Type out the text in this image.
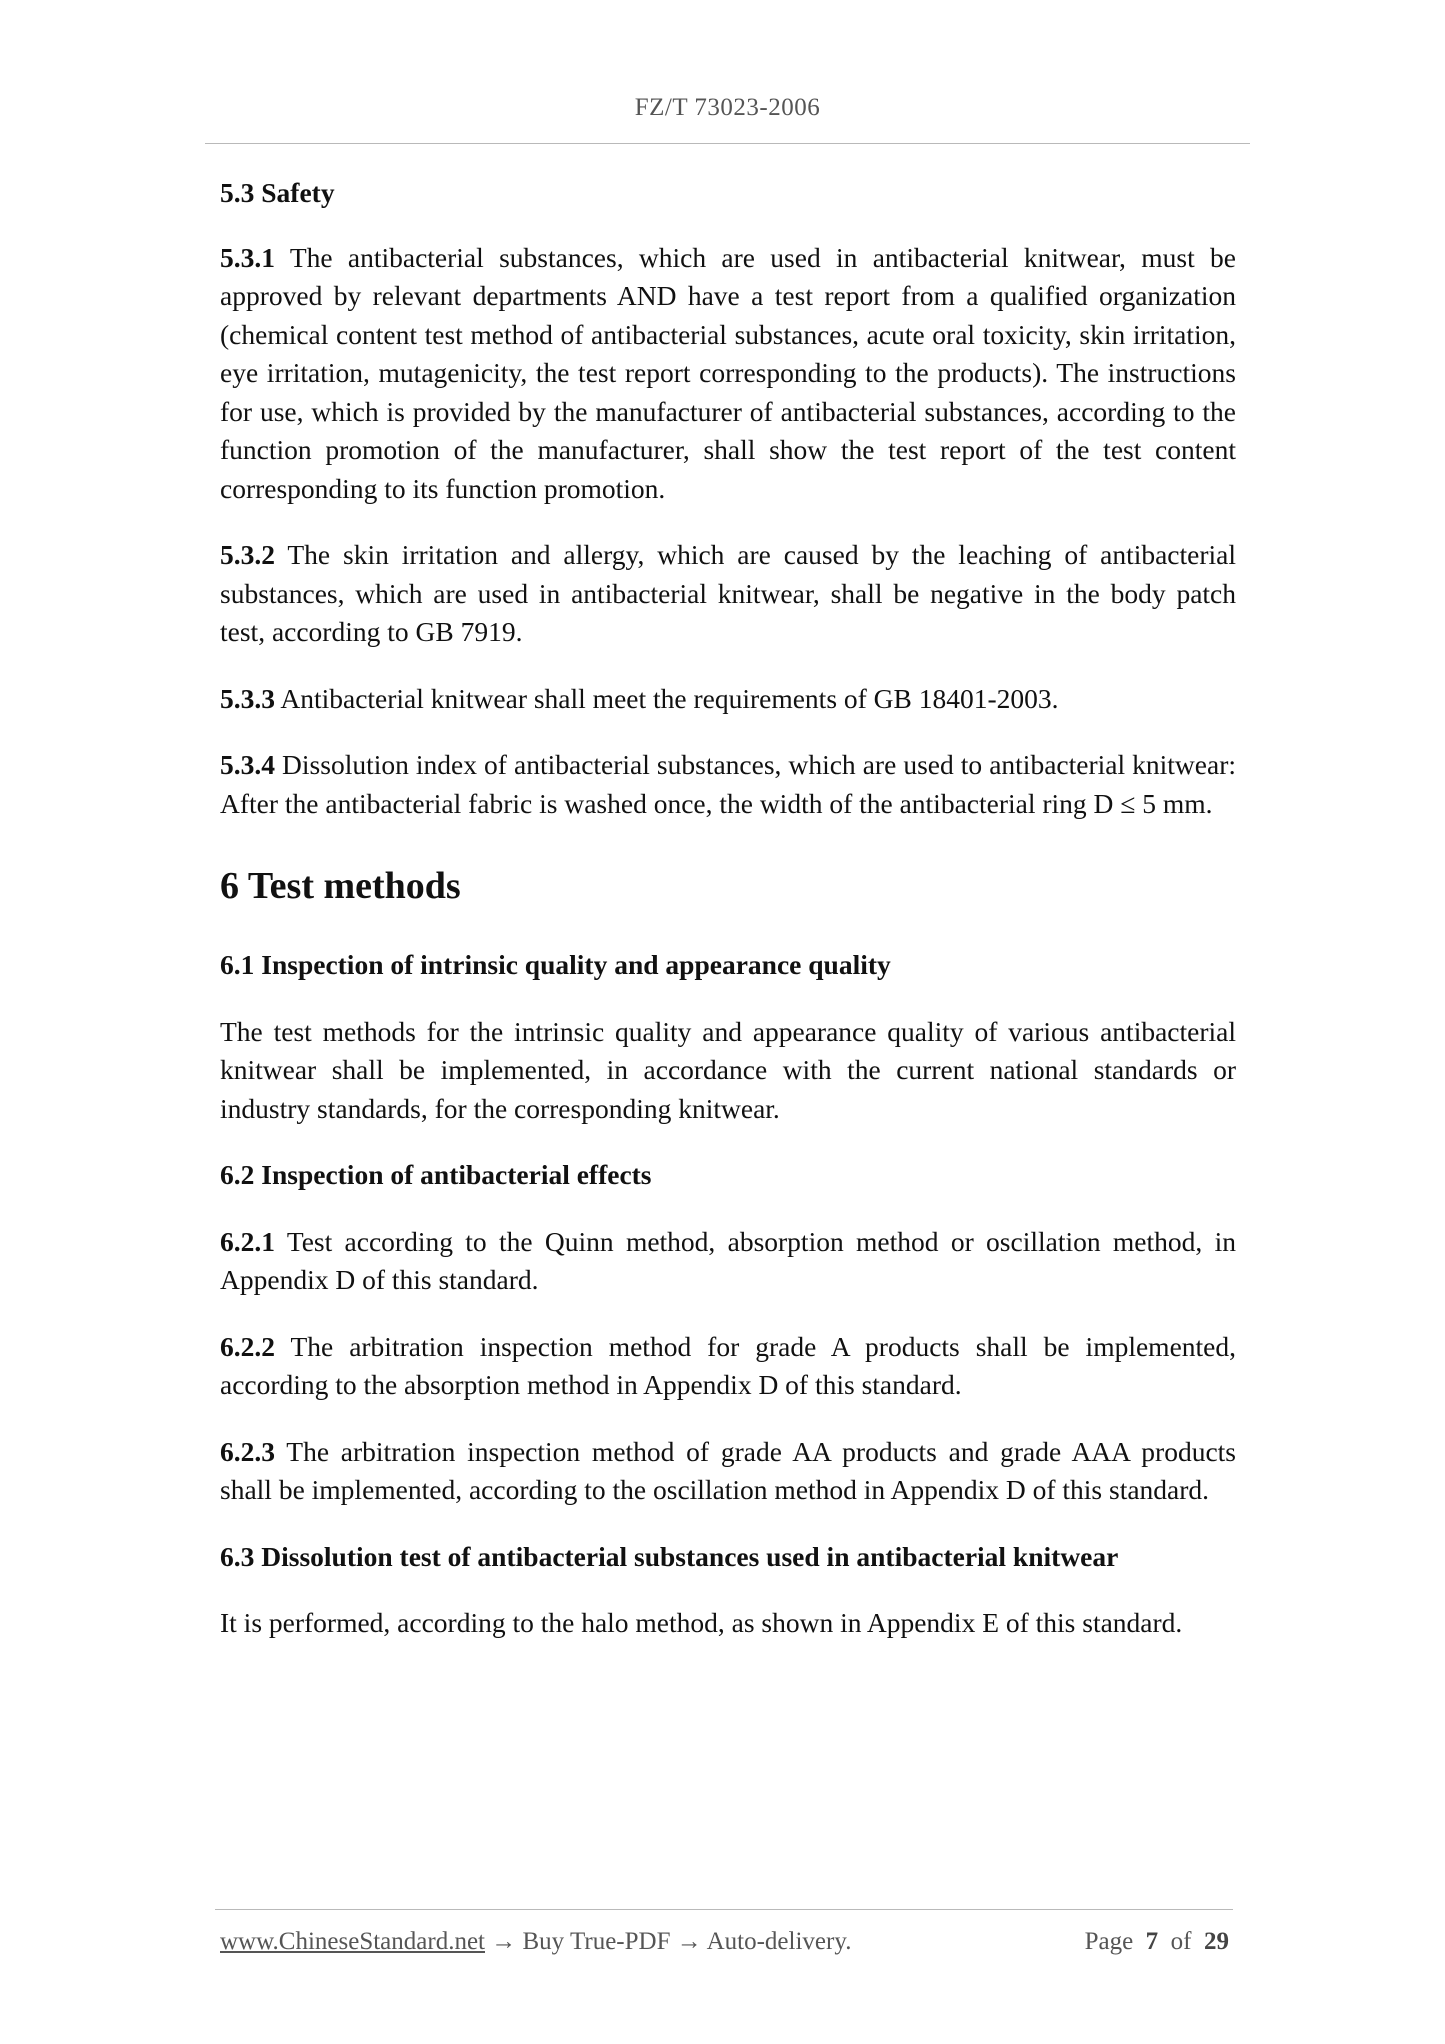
FZ/T 73023-2006
5.3 Safety

5.3.1 The antibacterial substances, which are used in antibacterial knitwear, must be approved by relevant departments AND have a test report from a qualified organization (chemical content test method of antibacterial substances, acute oral toxicity, skin irritation, eye irritation, mutagenicity, the test report corresponding to the products). The instructions for use, which is provided by the manufacturer of antibacterial substances, according to the function promotion of the manufacturer, shall show the test report of the test content corresponding to its function promotion.

5.3.2 The skin irritation and allergy, which are caused by the leaching of antibacterial substances, which are used in antibacterial knitwear, shall be negative in the body patch test, according to GB 7919.

5.3.3 Antibacterial knitwear shall meet the requirements of GB 18401-2003.

5.3.4 Dissolution index of antibacterial substances, which are used to antibacterial knitwear: After the antibacterial fabric is washed once, the width of the antibacterial ring D ≤ 5 mm.

6 Test methods
6.1 Inspection of intrinsic quality and appearance quality

The test methods for the intrinsic quality and appearance quality of various antibacterial knitwear shall be implemented, in accordance with the current national standards or industry standards, for the corresponding knitwear.

6.2 Inspection of antibacterial effects

6.2.1 Test according to the Quinn method, absorption method or oscillation method, in Appendix D of this standard.

6.2.2 The arbitration inspection method for grade A products shall be implemented, according to the absorption method in Appendix D of this standard.

6.2.3 The arbitration inspection method of grade AA products and grade AAA products shall be implemented, according to the oscillation method in Appendix D of this standard.

6.3 Dissolution test of antibacterial substances used in antibacterial knitwear

It is performed, according to the halo method, as shown in Appendix E of this standard.

www.ChineseStandard.net → Buy True-PDF → Auto-delivery.	Page 7 of 29
